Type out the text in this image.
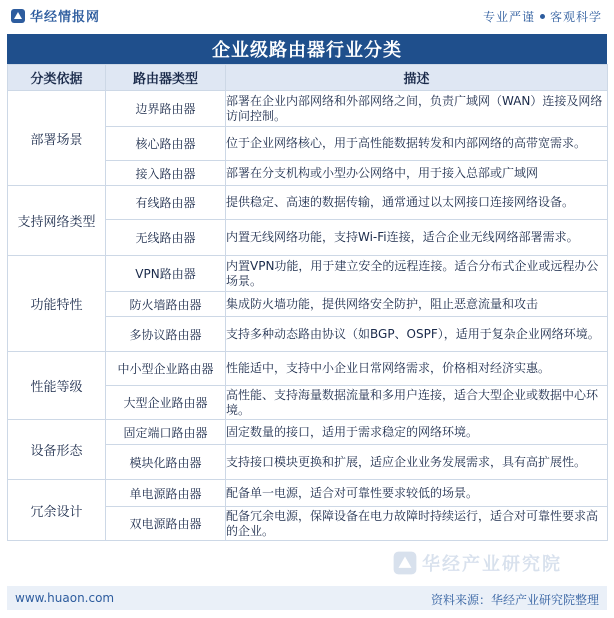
华经情报网	专业严谨 客观科学
企业级路由器行业分类
分类依据	路由器类型	描述
部署场景	边界路由器	部署在企业内部网络和外部网络之间，负责广域网（WAN）连接及网络访问控制。
	核心路由器	位于企业网络核心，用于高性能数据转发和内部网络的高带宽需求。
	接入路由器	部署在分支机构或小型办公网络中，用于接入总部或广域网
支持网络类型	有线路由器	提供稳定、高速的数据传输，通常通过以太网接口连接网络设备。
	无线路由器	内置无线网络功能，支持Wi-Fi连接，适合企业无线网络部署需求。
功能特性	VPN路由器	内置VPN功能，用于建立安全的远程连接。适合分布式企业或远程办公场景。
	防火墙路由器	集成防火墙功能，提供网络安全防护，阻止恶意流量和攻击
	多协议路由器	支持多种动态路由协议（如BGP、OSPF），适用于复杂企业网络环境。
性能等级	中小型企业路由器	性能适中，支持中小企业日常网络需求，价格相对经济实惠。
	大型企业路由器	高性能、支持海量数据流量和多用户连接，适合大型企业或数据中心环境。
设备形态	固定端口路由器	固定数量的接口，适用于需求稳定的网络环境。
	模块化路由器	支持接口模块更换和扩展，适应企业业务发展需求，具有高扩展性。
冗余设计	单电源路由器	配备单一电源，适合对可靠性要求较低的场景。
	双电源路由器	配备冗余电源，保障设备在电力故障时持续运行，适合对可靠性要求高的企业。
华经产业研究院
www.huaon.com	资料来源：华经产业研究院整理
